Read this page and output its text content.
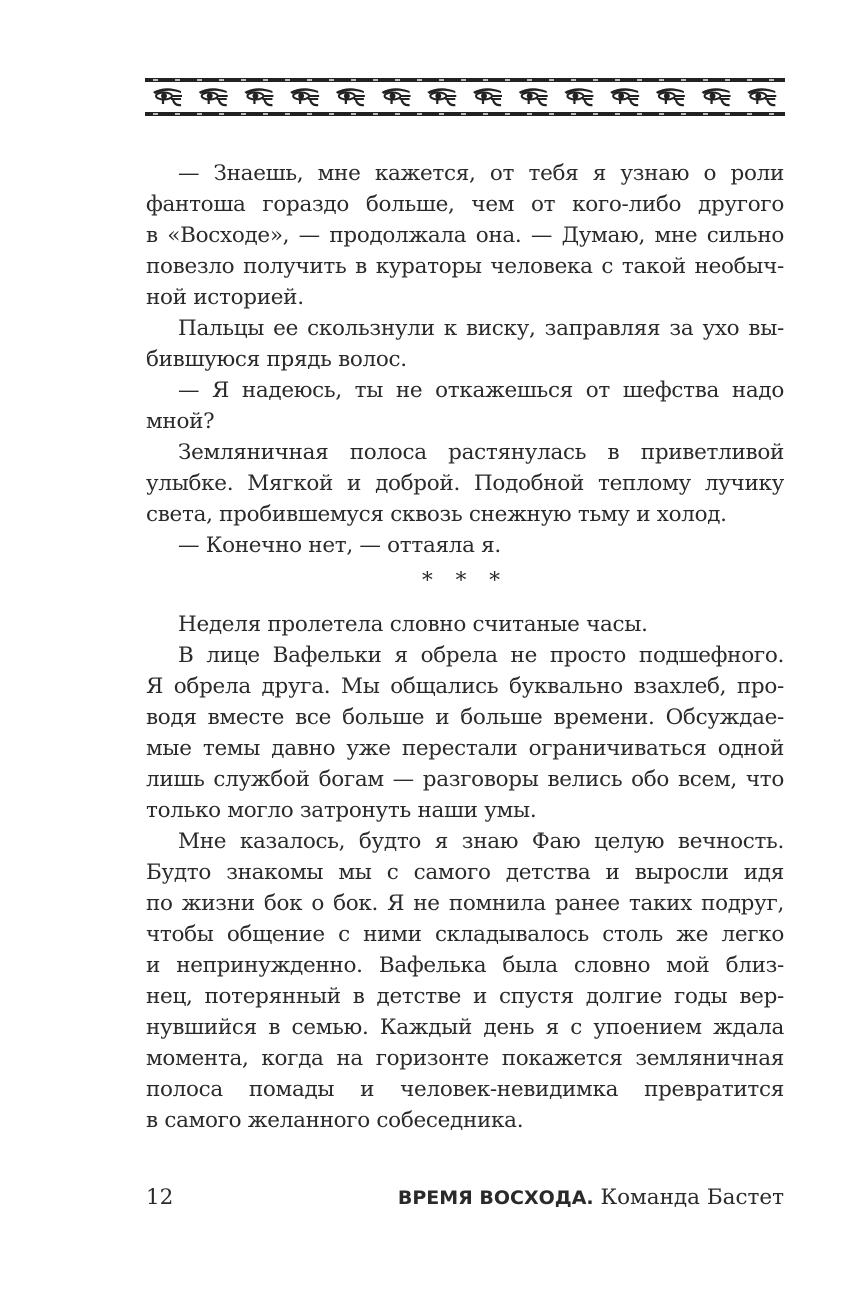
— Знаешь, мне кажется, от тебя я узнаю о роли
фантоша гораздо больше, чем от кого-либо другого
в «Восходе», — продолжала она. — Думаю, мне сильно
повезло получить в кураторы человека с такой необыч-
ной историей.
Пальцы ее скользнули к виску, заправляя за ухо вы-
бившуюся прядь волос.
— Я надеюсь, ты не откажешься от шефства надо
мной?
Земляничная полоса растянулась в приветливой
улыбке. Мягкой и доброй. Подобной теплому лучику
света, пробившемуся сквозь снежную тьму и холод.
— Конечно нет, — оттаяла я.
* * *
Неделя пролетела словно считаные часы.
В лице Вафельки я обрела не просто подшефного.
Я обрела друга. Мы общались буквально взахлеб, про-
водя вместе все больше и больше времени. Обсуждае-
мые темы давно уже перестали ограничиваться одной
лишь службой богам — разговоры велись обо всем, что
только могло затронуть наши умы.
Мне казалось, будто я знаю Фаю целую вечность.
Будто знакомы мы с самого детства и выросли идя
по жизни бок о бок. Я не помнила ранее таких подруг,
чтобы общение с ними складывалось столь же легко
и непринужденно. Вафелька была словно мой близ-
нец, потерянный в детстве и спустя долгие годы вер-
нувшийся в семью. Каждый день я с упоением ждала
момента, когда на горизонте покажется земляничная
полоса помады и человек-невидимка превратится
в самого желанного собеседника.
12	ВРЕМЯ ВОСХОДА. Команда Бастет
